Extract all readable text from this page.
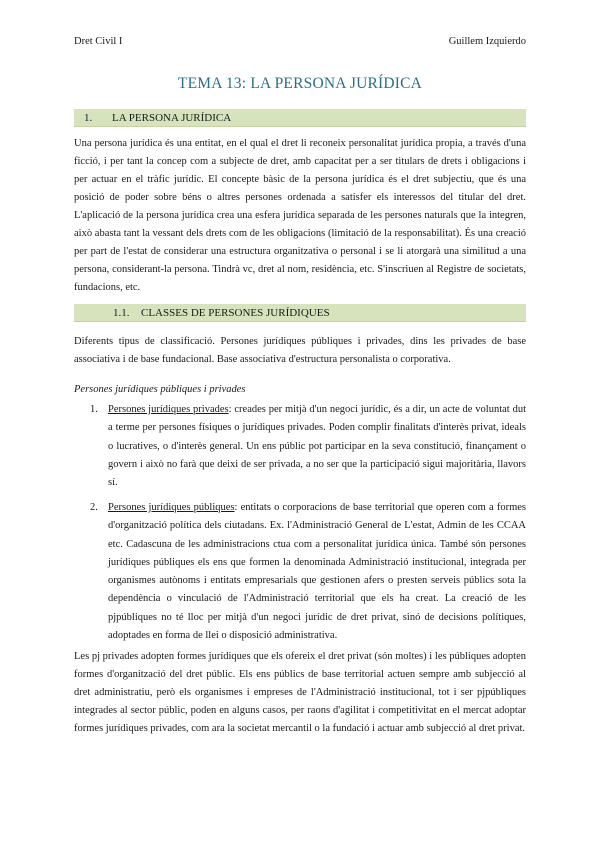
Dret Civil I	Guillem Izquierdo
TEMA 13: LA PERSONA JURÍDICA
1.	LA PERSONA JURÍDICA

Una persona jurídica és una entitat, en el qual el dret li reconeix personalitat jurídica propia, a través d'una ficció, i per tant la concep com a subjecte de dret, amb capacitat per a ser titulars de drets i obligacions i per actuar en el tràfic jurídic. El concepte bàsic de la persona jurídica és el dret subjectiu, que és una posició de poder sobre béns o altres persones ordenada a satisfer els interessos del titular del dret. L'aplicació de la persona jurídica crea una esfera jurídica separada de les persones naturals que la integren, això abasta tant la vessant dels drets com de les obligacions (limitació de la responsabilitat). És una creació per part de l'estat de considerar una estructura organitzativa o personal i se li atorgarà una similitud a una persona, considerant-la persona. Tindrà vc, dret al nom, residència, etc. S'inscriuen al Registre de societats, fundacions, etc.

1.1.	CLASSES DE PERSONES JURÍDIQUES

Diferents tipus de classificació. Persones jurídiques públiques i privades, dins les privades de base associativa i de base fundacional. Base associativa d'estructura personalista o corporativa.

Persones jurídiques públiques i privades
1. Persones jurídiques privades: creades per mitjà d'un negoci jurídic, és a dir, un acte de voluntat dut a terme per persones físiques o jurídiques privades. Poden complir finalitats d'interès privat, ideals o lucratives, o d'interès general. Un ens públic pot participar en la seva constitució, finançament o govern i això no farà que deixi de ser privada, a no ser que la participació sigui majoritària, llavors sí.
2. Persones jurídiques públiques: entitats o corporacions de base territorial que operen com a formes d'organització política dels ciutadans. Ex. l'Administració General de L'estat, Admin de les CCAA etc. Cadascuna de les administracions ctua com a personalitat jurídica única. També són persones jurídiques públiques els ens que formen la denominada Administració institucional, integrada per organismes autònoms i entitats empresarials que gestionen afers o presten serveis públics sota la dependència o vinculació de l'Administració territorial que els ha creat. La creació de les pjpúbliques no té lloc per mitjà d'un negoci jurídic de dret privat, sinó de decisions polítiques, adoptades en forma de llei o disposició administrativa.

Les pj privades adopten formes jurídiques que els ofereix el dret privat (són moltes) i les públiques adopten formes d'organització del dret públic. Els ens públics de base territorial actuen sempre amb subjecció al dret administratiu, però els organismes i empreses de l'Administració institucional, tot i ser pjpúbliques integrades al sector públic, poden en alguns casos, per raons d'agilitat i competitivitat en el mercat adoptar formes jurídiques privades, com ara la societat mercantil o la fundació i actuar amb subjecció al dret privat.
